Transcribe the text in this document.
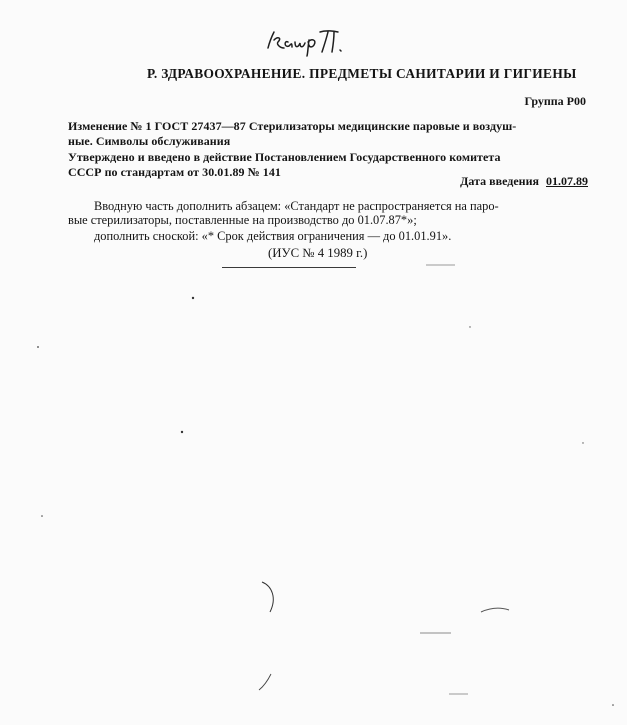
Р. ЗДРАВООХРАНЕНИЕ. ПРЕДМЕТЫ САНИТАРИИ И ГИГИЕНЫ
Группа Р00
Изменение № 1 ГОСТ 27437—87 Стерилизаторы медицинские паровые и воздуш-
ные. Символы обслуживания
Утверждено и введено в действие Постановлением Государственного комитета
СССР по стандартам от 30.01.89 № 141
Дата введения 01.07.89
Вводную часть дополнить абзацем: «Стандарт не распространяется на паро-
вые стерилизаторы, поставленные на производство до 01.07.87*»;
дополнить сноской: «* Срок действия ограничения — до 01.01.91».
(ИУС № 4 1989 г.)
